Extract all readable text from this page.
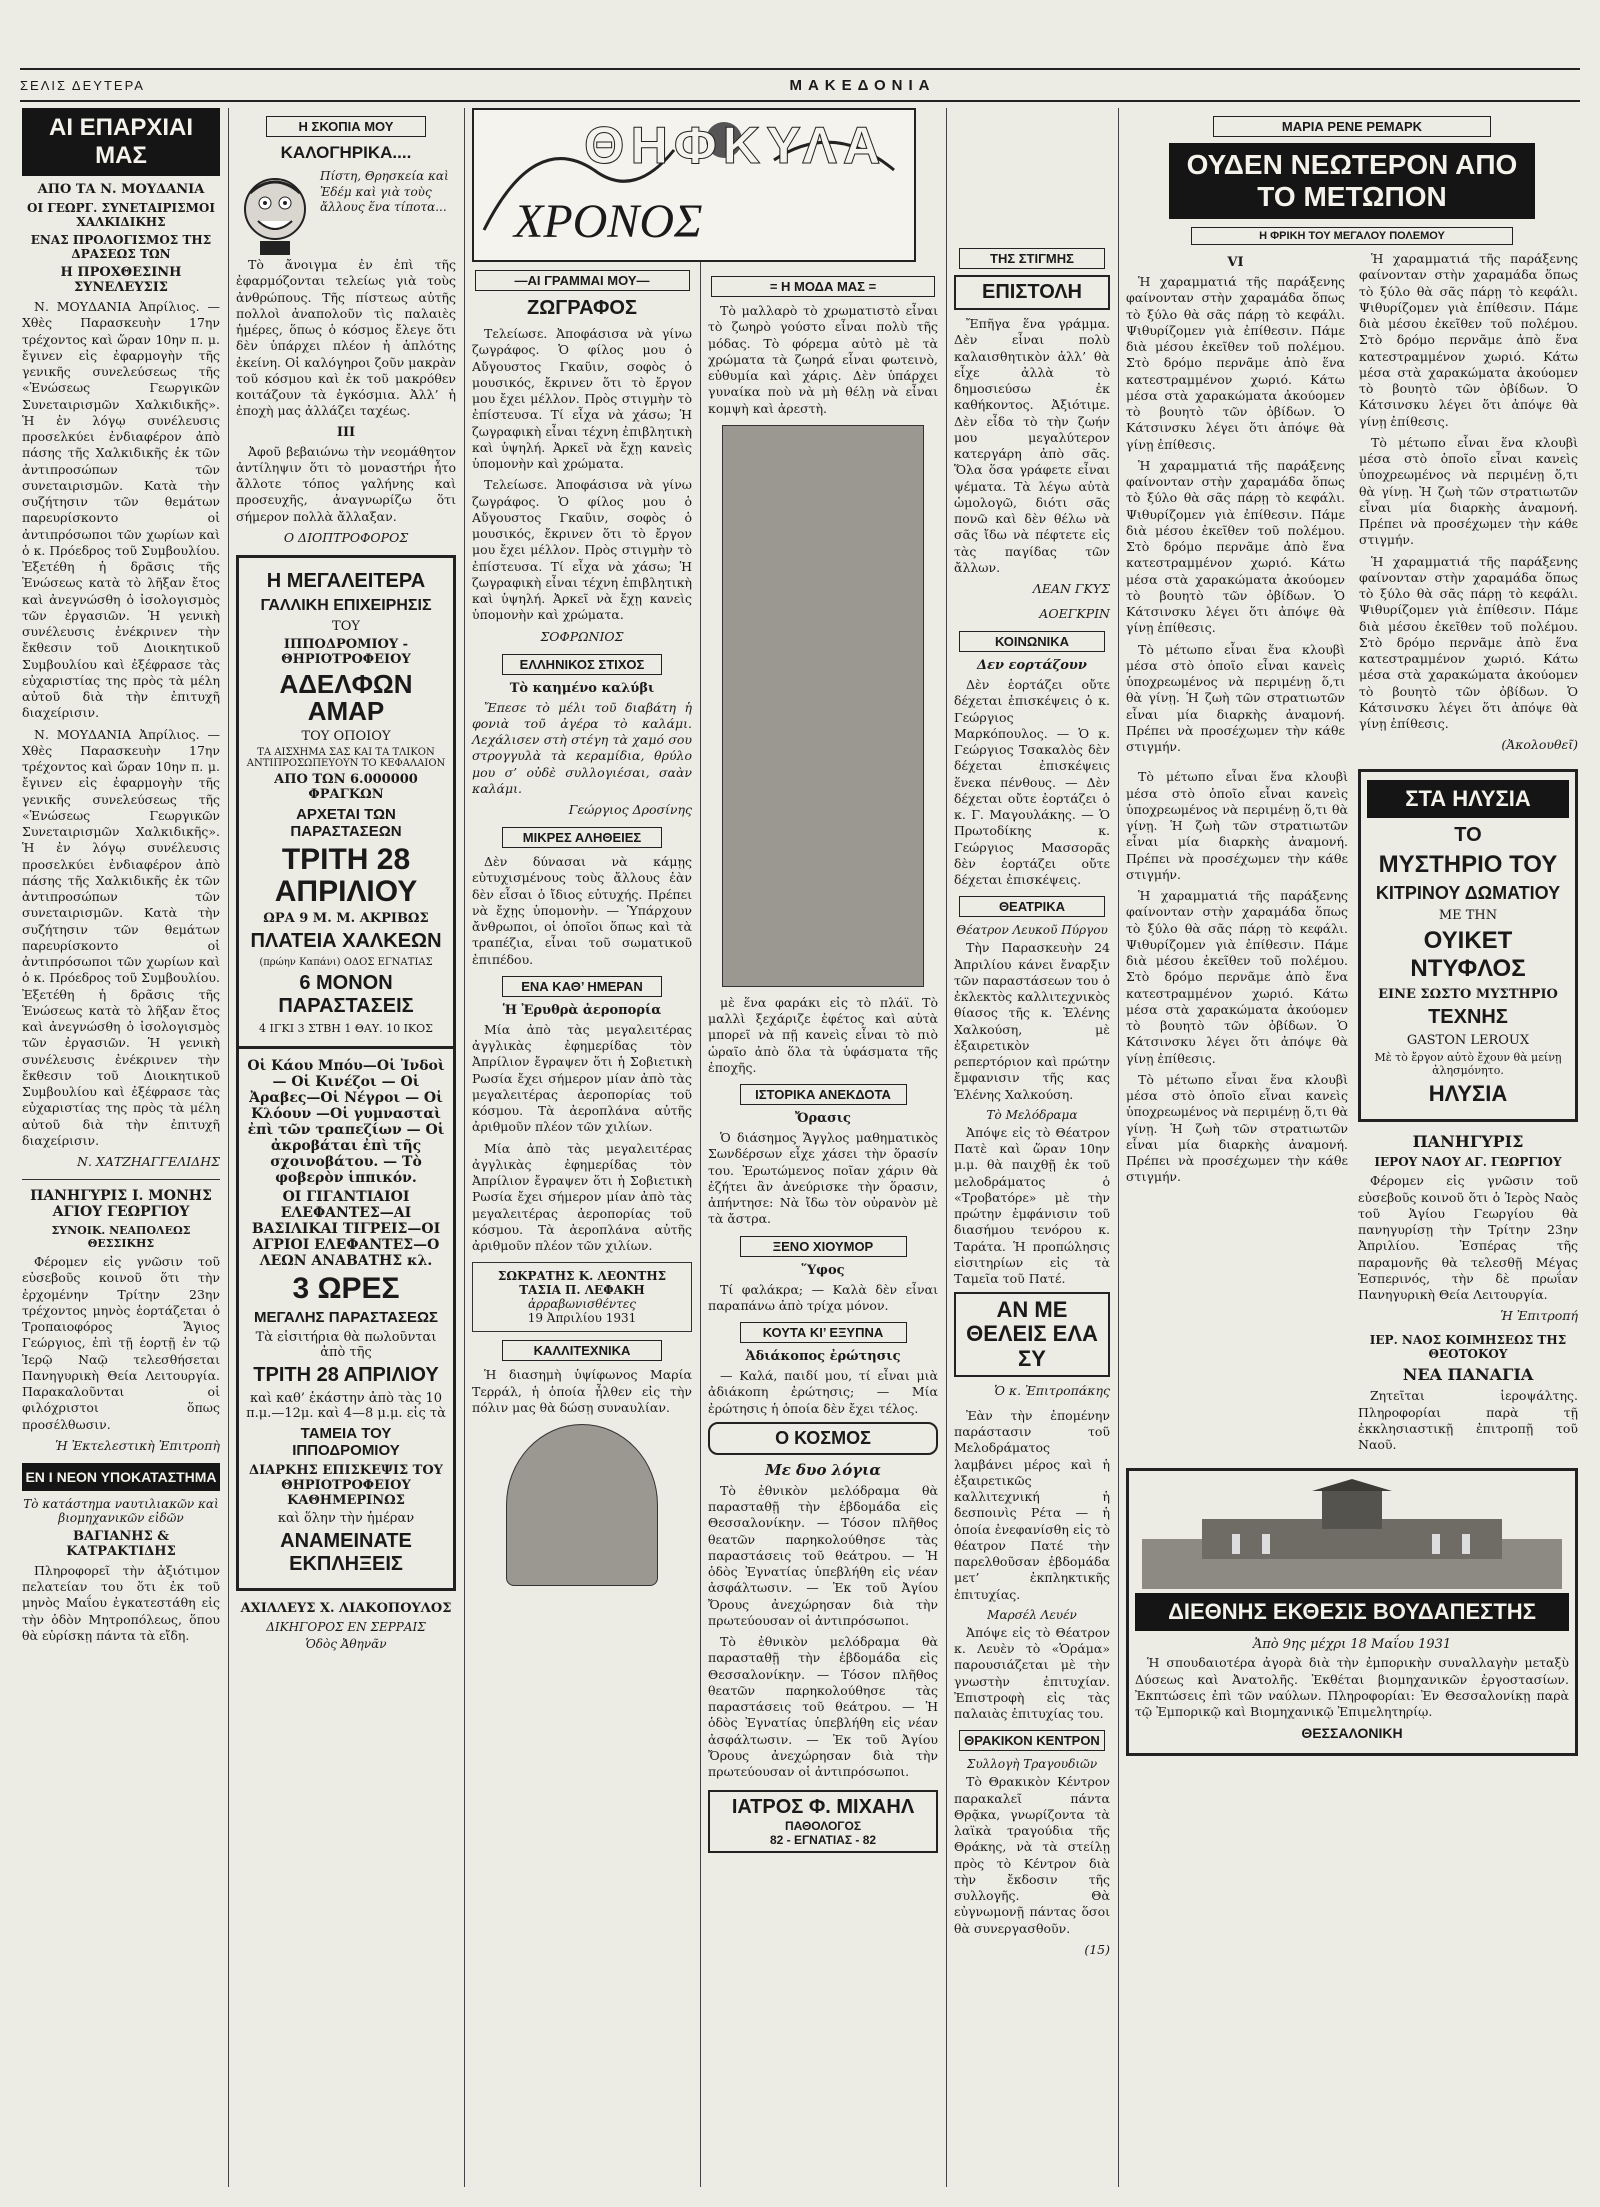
ΣΕΛΙΣ ΔΕΥΤΕΡΑ	ΜΑΚΕΔΟΝΙΑ
ΑΙ ΕΠΑΡΧΙΑΙ ΜΑΣ
ΑΠΟ ΤΑ Ν. ΜΟΥΔΑΝΙΑ
ΟΙ ΓΕΩΡΓ. ΣΥΝΕΤΑΙΡΙΣΜΟΙ ΧΑΛΚΙΔΙΚΗΣ
ΕΝΑΣ ΠΡΟΛΟΓΙΣΜΟΣ ΤΗΣ ΔΡΑΣΕΩΣ ΤΩΝ
Η ΠΡΟΧΘΕΣΙΝΗ ΣΥΝΕΛΕΥΣΙΣ

Ν. ΜΟΥΔΑΝΙΑ Ἀπρίλιος. — Χθὲς Παρασκευὴν 17ην τρέχοντος καὶ ὥραν 10ην π. μ. ἔγινεν εἰς ἐφαρμογὴν τῆς γενικῆς συνελεύσεως τῆς «Ἑνώσεως Γεωργικῶν Συνεταιρισμῶν Χαλκιδικῆς». Ἡ ἐν λόγῳ συνέλευσις προσελκύει ἐνδιαφέρον ἀπὸ πάσης τῆς Χαλκιδικῆς ἐκ τῶν ἀντιπροσώπων τῶν συνεταιρισμῶν. Κατὰ τὴν συζήτησιν τῶν θεμάτων παρευρίσκοντο οἱ ἀντιπρόσωποι τῶν χωρίων καὶ ὁ κ. Πρόεδρος τοῦ Συμβουλίου. Ἐξετέθη ἡ δρᾶσις τῆς Ἑνώσεως κατὰ τὸ λῆξαν ἔτος καὶ ἀνεγνώσθη ὁ ἰσολογισμὸς τῶν ἐργασιῶν. Ἡ γενικὴ συνέλευσις ἐνέκρινεν τὴν ἔκθεσιν τοῦ Διοικητικοῦ Συμβουλίου καὶ ἐξέφρασε τὰς εὐχαριστίας της πρὸς τὰ μέλη αὐτοῦ διὰ τὴν ἐπιτυχῆ διαχείρισιν.

Ν. ΜΟΥΔΑΝΙΑ Ἀπρίλιος. — Χθὲς Παρασκευὴν 17ην τρέχοντος καὶ ὥραν 10ην π. μ. ἔγινεν εἰς ἐφαρμογὴν τῆς γενικῆς συνελεύσεως τῆς «Ἑνώσεως Γεωργικῶν Συνεταιρισμῶν Χαλκιδικῆς». Ἡ ἐν λόγῳ συνέλευσις προσελκύει ἐνδιαφέρον ἀπὸ πάσης τῆς Χαλκιδικῆς ἐκ τῶν ἀντιπροσώπων τῶν συνεταιρισμῶν. Κατὰ τὴν συζήτησιν τῶν θεμάτων παρευρίσκοντο οἱ ἀντιπρόσωποι τῶν χωρίων καὶ ὁ κ. Πρόεδρος τοῦ Συμβουλίου. Ἐξετέθη ἡ δρᾶσις τῆς Ἑνώσεως κατὰ τὸ λῆξαν ἔτος καὶ ἀνεγνώσθη ὁ ἰσολογισμὸς τῶν ἐργασιῶν. Ἡ γενικὴ συνέλευσις ἐνέκρινεν τὴν ἔκθεσιν τοῦ Διοικητικοῦ Συμβουλίου καὶ ἐξέφρασε τὰς εὐχαριστίας της πρὸς τὰ μέλη αὐτοῦ διὰ τὴν ἐπιτυχῆ διαχείρισιν.

Ν. ΧΑΤΖΗΑΓΓΕΛΙΔΗΣ
ΠΑΝΗΓΥΡΙΣ Ι. ΜΟΝΗΣ ΑΓΙΟΥ ΓΕΩΡΓΙΟΥ
ΣΥΝΟΙΚ. ΝΕΑΠΟΛΕΩΣ ΘΕΣΣΙΚΗΣ

Φέρομεν εἰς γνῶσιν τοῦ εὐσεβοῦς κοινοῦ ὅτι τὴν ἐρχομένην Τρίτην 23ην τρέχοντος μηνὸς ἑορτάζεται ὁ Τροπαιοφόρος Ἅγιος Γεώργιος, ἐπὶ τῇ ἑορτῇ ἐν τῷ Ἱερῷ Ναῷ τελεσθήσεται Πανηγυρικὴ Θεία Λειτουργία. Παρακαλοῦνται οἱ φιλόχριστοι ὅπως προσέλθωσιν.

Ἡ Ἐκτελεστικὴ Ἐπιτροπὴ
ΕΝ Ι ΝΕΟΝ ΥΠΟΚΑΤΑΣΤΗΜΑ
Τὸ κατάστημα ναυτιλιακῶν καὶ βιομηχανικῶν εἰδῶν
ΒΑΓΙΑΝΗΣ & ΚΑΤΡΑΚΤΙΔΗΣ

Πληροφορεῖ τὴν ἀξιότιμον πελατείαν του ὅτι ἐκ τοῦ μηνὸς Μαΐου ἐγκατεστάθη εἰς τὴν ὁδὸν Μητροπόλεως, ὅπου θὰ εὑρίσκῃ πάντα τὰ εἴδη.

Η ΣΚΟΠΙΑ ΜΟΥ
ΚΑΛΟΓΗΡΙΚΑ....
Πίστη, Θρησκεία καὶ Ἐδέμ καὶ γιὰ τοὺς ἄλλους ἕνα τίποτα...

Τὸ ἄνοιγμα ἐν ἐπὶ τῆς ἐφαρμόζονται τελείως γιὰ τοὺς ἀνθρώπους. Τῆς πίστεως αὐτῆς πολλοὶ ἀναπολοῦν τὶς παλαιὲς ἡμέρες, ὅπως ὁ κόσμος ἔλεγε ὅτι δὲν ὑπάρχει πλέον ἡ ἁπλότης ἐκείνη. Οἱ καλόγηροι ζοῦν μακρὰν τοῦ κόσμου καὶ ἐκ τοῦ μακρόθεν κοιτάζουν τὰ ἐγκόσμια. Ἀλλ’ ἡ ἐποχὴ μας ἀλλάζει ταχέως.

III

Ἀφοῦ βεβαιώνω τὴν νεομάθητον ἀντίληψιν ὅτι τὸ μοναστήρι ἦτο ἄλλοτε τόπος γαλήνης καὶ προσευχῆς, ἀναγνωρίζω ὅτι σήμερον πολλὰ ἄλλαξαν.

Ο ΔΙΟΠΤΡΟΦΟΡΟΣ
Η ΜΕΓΑΛΕΙΤΕΡΑ
ΓΑΛΛΙΚΗ ΕΠΙΧΕΙΡΗΣΙΣ
ΤΟΥ
ΙΠΠΟΔΡΟΜΙΟΥ - ΘΗΡΙΟΤΡΟΦΕΙΟΥ
ΑΔΕΛΦΩΝ ΑΜΑΡ
ΤΟΥ ΟΠΟΙΟΥ
ΤΑ ΑΙΣΧΗΜΑ ΣΑΣ ΚΑΙ ΤΑ ΤΛΙΚΟΝ ΑΝΤΙΠΡΟΣΩΠΕΥΟΥΝ ΤΟ ΚΕΦΑΛΑΙΟΝ
ΑΠΟ ΤΩΝ 6.000000 ΦΡΑΓΚΩΝ
ΑΡΧΕΤΑΙ ΤΩΝ ΠΑΡΑΣΤΑΣΕΩΝ
ΤΡΙΤΗ 28 ΑΠΡΙΛΙΟΥ
ΩΡΑ 9 Μ. Μ. ΑΚΡΙΒΩΣ
ΠΛΑΤΕΙΑ ΧΑΛΚΕΩΝ
(πρώην Καπάνι) ΟΔΟΣ ΕΓΝΑΤΙΑΣ
6 ΜΟΝΟΝ ΠΑΡΑΣΤΑΣΕΙΣ
4 ΙΓΚΙ 3 ΣΤΒΗ 1 ΘΑΥ. 10 ΙΚΟΣ
Οἱ Κάου Μπόυ—Οἱ Ἰνδοὶ — Οἱ Κινέζοι — Οἱ Ἀραβες—Οἱ Νέγροι — Οἱ Κλόουν —Οἱ γυμνασταὶ ἐπὶ τῶν τραπεζίων — Οἱ ἀκροβάται ἐπὶ τῆς σχοινοβάτου. — Τὸ φοβερὸν ἱππικόν.
ΟΙ ΓΙΓΑΝΤΙΑΙΟΙ ΕΛΕΦΑΝΤΕΣ—ΑΙ ΒΑΣΙΛΙΚΑΙ ΤΙΓΡΕΙΣ—ΟΙ ΑΓΡΙΟΙ ΕΛΕΦΑΝΤΕΣ—Ο ΛΕΩΝ ΑΝΑΒΑΤΗΣ κλ.
3 ΩΡΕΣ
ΜΕΓΑΛΗΣ ΠΑΡΑΣΤΑΣΕΩΣ
Τὰ εἰσιτήρια θὰ πωλοῦνται ἀπὸ τῆς
ΤΡΙΤΗ 28 ΑΠΡΙΛΙΟΥ
καὶ καθ’ ἑκάστην ἀπὸ τὰς 10 π.μ.—12μ. καὶ 4—8 μ.μ. εἰς τὰ
ΤΑΜΕΙΑ ΤΟΥ ΙΠΠΟΔΡΟΜΙΟΥ
ΔΙΑΡΚΗΣ ΕΠΙΣΚΕΨΙΣ ΤΟΥ ΘΗΡΙΟΤΡΟΦΕΙΟΥ ΚΑΘΗΜΕΡΙΝΩΣ
καὶ ὅλην τὴν ἡμέραν
ΑΝΑΜΕΙΝΑΤΕ ΕΚΠΛΗΞΕΙΣ
ΑΧΙΛΛΕΥΣ Χ. ΛΙΑΚΟΠΟΥΛΟΣ
ΔΙΚΗΓΟΡΟΣ ΕΝ ΣΕΡΡΑΙΣ
Ὁδὸς Ἀθηνᾶν
ΘΗΦΚΥΛΑ
ΧΡΟΝΟΣ
—ΑΙ ΓΡΑΜΜΑΙ ΜΟΥ—
ΖΩΓΡΑΦΟΣ

Τελείωσε. Ἀποφάσισα νὰ γίνω ζωγράφος. Ὁ φίλος μου ὁ Αὔγουστος Γκαῦιν, σοφὸς ὁ μουσικός, ἔκρινεν ὅτι τὸ ἔργον μου ἔχει μέλλον. Πρὸς στιγμὴν τὸ ἐπίστευσα. Τί εἶχα νὰ χάσω; Ἡ ζωγραφικὴ εἶναι τέχνη ἐπιβλητικὴ καὶ ὑψηλή. Ἀρκεῖ νὰ ἔχῃ κανεὶς ὑπομονὴν καὶ χρώματα.

Τελείωσε. Ἀποφάσισα νὰ γίνω ζωγράφος. Ὁ φίλος μου ὁ Αὔγουστος Γκαῦιν, σοφὸς ὁ μουσικός, ἔκρινεν ὅτι τὸ ἔργον μου ἔχει μέλλον. Πρὸς στιγμὴν τὸ ἐπίστευσα. Τί εἶχα νὰ χάσω; Ἡ ζωγραφικὴ εἶναι τέχνη ἐπιβλητικὴ καὶ ὑψηλή. Ἀρκεῖ νὰ ἔχῃ κανεὶς ὑπομονὴν καὶ χρώματα.

ΣΟΦΡΩΝΙΟΣ
ΕΛΛΗΝΙΚΟΣ ΣΤΙΧΟΣ
Τὸ καημένο καλύβι

Ἔπεσε τὸ μέλι τοῦ διαβάτη ἡ φονιὰ τοῦ ἀγέρα τὸ καλάμι. Λεχάλισεν στὴ στέγη τὰ χαμό σου στρογγυλὰ τὰ κεραμίδια, θρύλο μου σ’ οὐδὲ συλλογιέσαι, σαὰν καλάμι.

Γεώργιος Δροσίνης
ΜΙΚΡΕΣ ΑΛΗΘΕΙΕΣ

Δὲν δύνασαι νὰ κάμῃς εὐτυχισμένους τοὺς ἄλλους ἐὰν δὲν εἶσαι ὁ ἴδιος εὐτυχής. Πρέπει νὰ ἔχῃς ὑπομονὴν. — Ὑπάρχουν ἄνθρωποι, οἱ ὁποῖοι ὅπως καὶ τὰ τραπέζια, εἶναι τοῦ σωματικοῦ ἐπιπέδου.

ΕΝΑ ΚΑΘ’ ΗΜΕΡΑΝ
Ἡ Ἐρυθρὰ ἀεροπορία

Μία ἀπὸ τὰς μεγαλειτέρας ἀγγλικὰς ἐφημερίδας τὸν Ἀπρίλιον ἔγραψεν ὅτι ἡ Σοβιετικὴ Ρωσία ἔχει σήμερον μίαν ἀπὸ τὰς μεγαλειτέρας ἀεροπορίας τοῦ κόσμου. Τὰ ἀεροπλάνα αὐτῆς ἀριθμοῦν πλέον τῶν χιλίων.

Μία ἀπὸ τὰς μεγαλειτέρας ἀγγλικὰς ἐφημερίδας τὸν Ἀπρίλιον ἔγραψεν ὅτι ἡ Σοβιετικὴ Ρωσία ἔχει σήμερον μίαν ἀπὸ τὰς μεγαλειτέρας ἀεροπορίας τοῦ κόσμου. Τὰ ἀεροπλάνα αὐτῆς ἀριθμοῦν πλέον τῶν χιλίων.

ΣΩΚΡΑΤΗΣ Κ. ΛΕΟΝΤΗΣ
ΤΑΣΙΑ Π. ΛΕΦΑΚΗ
ἀρραβωνισθέντες
19 Ἀπριλίου 1931
ΚΑΛΛΙΤΕΧΝΙΚΑ

Ἡ διασημὴ ὑψίφωνος Μαρία Τερράλ, ἡ ὁποία ἦλθεν εἰς τὴν πόλιν μας θὰ δώσῃ συναυλίαν.

= Η ΜΟΔΑ ΜΑΣ =

Τὸ μαλλαρὸ τὸ χρωματιστὸ εἶναι τὸ ζωηρὸ γούστο εἶναι πολὺ τῆς μόδας. Τὸ φόρεμα αὐτὸ μὲ τὰ χρώματα τὰ ζωηρά εἶναι φωτεινὸ, εὐθυμία καὶ χάρις. Δὲν ὑπάρχει γυναίκα ποὺ νὰ μὴ θέλῃ νὰ εἶναι κομψὴ καὶ ἀρεστὴ.

μὲ ἕνα φαράκι εἰς τὸ πλάϊ. Τὸ μαλλὶ ξεχάριζε ἐφέτος καὶ αὐτὰ μπορεῖ νὰ πῇ κανεὶς εἶναι τὸ πιὸ ὡραῖο ἀπὸ ὅλα τὰ ὑφάσματα τῆς ἐποχῆς.

ΙΣΤΟΡΙΚΑ ΑΝΕΚΔΟΤΑ
Ὄρασις

Ὁ διάσημος Ἄγγλος μαθηματικὸς Σωνδέρσων εἶχε χάσει τὴν ὅρασίν του. Ἐρωτώμενος ποῖαν χάριν θὰ ἐζήτει ἂν ἀνεύρισκε τὴν ὅρασιν, ἀπήντησε: Νὰ ἴδω τὸν οὐρανὸν μὲ τὰ ἄστρα.

ΞΕΝΟ ΧΙΟΥΜΟΡ
Ὕφος

Τί φαλάκρα; — Καλὰ δὲν εἶναι παραπάνω ἀπὸ τρίχα μόνον.

ΚΟΥΤΑ ΚΙ’ ΕΞΥΠΝΑ
Ἀδιάκοπος ἐρώτησις

— Καλά, παιδί μου, τί εἶναι μιὰ ἀδιάκοπη ἐρώτησις; — Μία ἐρώτησις ἡ ὁποία δὲν ἔχει τέλος.

Ο ΚΟΣΜΟΣ
Με δυο λόγια

Τὸ ἐθνικὸν μελόδραμα θὰ παρασταθῇ τὴν ἑβδομάδα εἰς Θεσσαλονίκην. — Τόσον πλῆθος θεατῶν παρηκολούθησε τὰς παραστάσεις τοῦ θεάτρου. — Ἡ ὁδὸς Ἐγνατίας ὑπεβλήθη εἰς νέαν ἀσφάλτωσιν. — Ἐκ τοῦ Ἀγίου Ὄρους ἀνεχώρησαν διὰ τὴν πρωτεύουσαν οἱ ἀντιπρόσωποι.

Τὸ ἐθνικὸν μελόδραμα θὰ παρασταθῇ τὴν ἑβδομάδα εἰς Θεσσαλονίκην. — Τόσον πλῆθος θεατῶν παρηκολούθησε τὰς παραστάσεις τοῦ θεάτρου. — Ἡ ὁδὸς Ἐγνατίας ὑπεβλήθη εἰς νέαν ἀσφάλτωσιν. — Ἐκ τοῦ Ἀγίου Ὄρους ἀνεχώρησαν διὰ τὴν πρωτεύουσαν οἱ ἀντιπρόσωποι.

ΙΑΤΡΟΣ Φ. ΜΙΧΑΗΛ
ΠΑΘΟΛΟΓΟΣ
82 - ΕΓΝΑΤΙΑΣ - 82
ΤΗΣ ΣΤΙΓΜΗΣ
ΕΠΙΣΤΟΛΗ

Ἔπῆγα ἕνα γράμμα. Δὲν εἶναι πολὺ καλαισθητικὸν ἀλλ’ θὰ εἶχε ἀλλὰ τὸ δημοσιεύσω ἐκ καθήκοντος. Ἀξιότιμε. Δὲν εἶδα τὸ τὴν ζωήν μου μεγαλύτερον κατεργάρη ἀπὸ σᾶς. Ὅλα ὅσα γράφετε εἶναι ψέματα. Τὰ λέγω αὐτὰ ὡμολογῶ, διότι σᾶς πονῶ καὶ δὲν θέλω νὰ σᾶς ἴδω νὰ πέφτετε εἰς τὰς παγίδας τῶν ἄλλων.

ΛΕΑΝ ΓΚΥΣ
ΑΟΕΓΚΡΙΝ
ΚΟΙΝΩΝΙΚΑ
Δεν εορτάζουν

Δὲν ἑορτάζει οὔτε δέχεται ἐπισκέψεις ὁ κ. Γεώργιος Μαρκόπουλος. — Ὁ κ. Γεώργιος Τσακαλὸς δὲν δέχεται ἐπισκέψεις ἕνεκα πένθους. — Δὲν δέχεται οὔτε ἑορτάζει ὁ κ. Γ. Μαγουλάκης. — Ὁ Πρωτοδίκης κ. Γεώργιος Μασσορᾶς δὲν ἑορτάζει οὔτε δέχεται ἐπισκέψεις.

ΘΕΑΤΡΙΚΑ
Θέατρον Λευκοῦ Πύργου

Τὴν Παρασκευὴν 24 Ἀπριλίου κάνει ἔναρξιν τῶν παραστάσεων του ὁ ἐκλεκτὸς καλλιτεχνικὸς θίασος τῆς κ. Ἑλένης Χαλκούση, μὲ ἐξαιρετικὸν ρεπερτόριον καὶ πρώτην ἔμφανισιν τῆς κας Ἑλένης Χαλκούση.

Τὸ Μελόδραμα

Ἀπόψε εἰς τὸ Θέατρον Πατὲ καὶ ὥραν 10ην μ.μ. θὰ παιχθῇ ἐκ τοῦ μελοδράματος ὁ «Τροβατόρε» μὲ τὴν πρώτην ἐμφάνισιν τοῦ διασήμου τενόρου κ. Ταράτα. Ἡ προπώλησις εἰσιτηρίων εἰς τὰ Ταμεῖα τοῦ Πατέ.

ΑΝ ΜΕ ΘΕΛΕΙΣ ΕΛΑ ΣΥ
Ὁ κ. Ἐπιτροπάκης

Ἐὰν τὴν ἐπομένην παράστασιν τοῦ Μελοδράματος λαμβάνει μέρος καὶ ἡ ἐξαιρετικῶς καλλιτεχνική ἡ δεσποινὶς Ρέτα — ἡ ὁποία ἐνεφανίσθη εἰς τὸ θέατρον Πατέ τὴν παρελθοῦσαν ἑβδομάδα μετ’ ἐκπληκτικῆς ἐπιτυχίας.

Μαρσέλ Λευέν

Ἀπόψε εἰς τὸ Θέατρον κ. Λευὲν τὸ «Ὁράμα» παρουσιάζεται μὲ τὴν γνωστὴν ἐπιτυχίαν. Ἐπιστροφὴ εἰς τὰς παλαιὰς ἐπιτυχίας του.

ΘΡΑΚΙΚΟΝ ΚΕΝΤΡΟΝ
Συλλογὴ Τραγουδιῶν

Τὸ Θρακικὸν Κέντρον παρακαλεῖ πάντα Θρᾷκα, γνωρίζοντα τὰ λαϊκὰ τραγούδια τῆς Θράκης, νὰ τὰ στείλῃ πρὸς τὸ Κέντρον διὰ τὴν ἔκδοσιν τῆς συλλογῆς. Θὰ εὐγνωμονῇ πάντας ὅσοι θὰ συνεργασθοῦν.

(15)
ΜΑΡΙΑ ΡΕΝΕ ΡΕΜΑΡΚ
ΟΥΔΕΝ ΝΕΩΤΕΡΟΝ ΑΠΟ ΤΟ ΜΕΤΩΠΟΝ
Η ΦΡΙΚΗ ΤΟΥ ΜΕΓΑΛΟΥ ΠΟΛΕΜΟΥ
VI

Ἡ χαραμματιά τῆς παράξενης φαίνονταν στὴν χαραμάδα ὅπως τὸ ξύλο θὰ σᾶς πάρῃ τὸ κεφάλι. Ψιθυρίζομεν γιὰ ἐπίθεσιν. Πάμε διὰ μέσου ἐκεῖθεν τοῦ πολέμου. Στὸ δρόμο περνᾶμε ἀπὸ ἕνα κατεστραμμένον χωριό. Κάτω μέσα στὰ χαρακώματα ἀκούομεν τὸ βουητὸ τῶν ὀβίδων. Ὁ Κάτσινσκυ λέγει ὅτι ἀπόψε θὰ γίνῃ ἐπίθεσις.

Ἡ χαραμματιά τῆς παράξενης φαίνονταν στὴν χαραμάδα ὅπως τὸ ξύλο θὰ σᾶς πάρῃ τὸ κεφάλι. Ψιθυρίζομεν γιὰ ἐπίθεσιν. Πάμε διὰ μέσου ἐκεῖθεν τοῦ πολέμου. Στὸ δρόμο περνᾶμε ἀπὸ ἕνα κατεστραμμένον χωριό. Κάτω μέσα στὰ χαρακώματα ἀκούομεν τὸ βουητὸ τῶν ὀβίδων. Ὁ Κάτσινσκυ λέγει ὅτι ἀπόψε θὰ γίνῃ ἐπίθεσις.

Τὸ μέτωπο εἶναι ἕνα κλουβὶ μέσα στὸ ὁποῖο εἶναι κανεὶς ὑποχρεωμένος νὰ περιμένῃ ὅ,τι θὰ γίνῃ. Ἡ ζωὴ τῶν στρατιωτῶν εἶναι μία διαρκὴς ἀναμονή. Πρέπει νὰ προσέχωμεν τὴν κάθε στιγμήν.

Ἡ χαραμματιά τῆς παράξενης φαίνονταν στὴν χαραμάδα ὅπως τὸ ξύλο θὰ σᾶς πάρῃ τὸ κεφάλι. Ψιθυρίζομεν γιὰ ἐπίθεσιν. Πάμε διὰ μέσου ἐκεῖθεν τοῦ πολέμου. Στὸ δρόμο περνᾶμε ἀπὸ ἕνα κατεστραμμένον χωριό. Κάτω μέσα στὰ χαρακώματα ἀκούομεν τὸ βουητὸ τῶν ὀβίδων. Ὁ Κάτσινσκυ λέγει ὅτι ἀπόψε θὰ γίνῃ ἐπίθεσις.

Τὸ μέτωπο εἶναι ἕνα κλουβὶ μέσα στὸ ὁποῖο εἶναι κανεὶς ὑποχρεωμένος νὰ περιμένῃ ὅ,τι θὰ γίνῃ. Ἡ ζωὴ τῶν στρατιωτῶν εἶναι μία διαρκὴς ἀναμονή. Πρέπει νὰ προσέχωμεν τὴν κάθε στιγμήν.

Ἡ χαραμματιά τῆς παράξενης φαίνονταν στὴν χαραμάδα ὅπως τὸ ξύλο θὰ σᾶς πάρῃ τὸ κεφάλι. Ψιθυρίζομεν γιὰ ἐπίθεσιν. Πάμε διὰ μέσου ἐκεῖθεν τοῦ πολέμου. Στὸ δρόμο περνᾶμε ἀπὸ ἕνα κατεστραμμένον χωριό. Κάτω μέσα στὰ χαρακώματα ἀκούομεν τὸ βουητὸ τῶν ὀβίδων. Ὁ Κάτσινσκυ λέγει ὅτι ἀπόψε θὰ γίνῃ ἐπίθεσις.

(Ἀκολουθεῖ)

Τὸ μέτωπο εἶναι ἕνα κλουβὶ μέσα στὸ ὁποῖο εἶναι κανεὶς ὑποχρεωμένος νὰ περιμένῃ ὅ,τι θὰ γίνῃ. Ἡ ζωὴ τῶν στρατιωτῶν εἶναι μία διαρκὴς ἀναμονή. Πρέπει νὰ προσέχωμεν τὴν κάθε στιγμήν.

Ἡ χαραμματιά τῆς παράξενης φαίνονταν στὴν χαραμάδα ὅπως τὸ ξύλο θὰ σᾶς πάρῃ τὸ κεφάλι. Ψιθυρίζομεν γιὰ ἐπίθεσιν. Πάμε διὰ μέσου ἐκεῖθεν τοῦ πολέμου. Στὸ δρόμο περνᾶμε ἀπὸ ἕνα κατεστραμμένον χωριό. Κάτω μέσα στὰ χαρακώματα ἀκούομεν τὸ βουητὸ τῶν ὀβίδων. Ὁ Κάτσινσκυ λέγει ὅτι ἀπόψε θὰ γίνῃ ἐπίθεσις.

Τὸ μέτωπο εἶναι ἕνα κλουβὶ μέσα στὸ ὁποῖο εἶναι κανεὶς ὑποχρεωμένος νὰ περιμένῃ ὅ,τι θὰ γίνῃ. Ἡ ζωὴ τῶν στρατιωτῶν εἶναι μία διαρκὴς ἀναμονή. Πρέπει νὰ προσέχωμεν τὴν κάθε στιγμήν.

ΣΤΑ ΗΛΥΣΙΑ
ΤΟ
ΜΥΣΤΗΡΙΟ ΤΟΥ
ΚΙΤΡΙΝΟΥ ΔΩΜΑΤΙΟΥ
ΜΕ ΤΗΝ
ΟΥΙΚΕΤ ΝΤΥΦΛΟΣ
ΕΙΝΕ ΣΩΣΤΟ ΜΥΣΤΗΡΙΟ
ΤΕΧΝΗΣ
GASTON LEROUX
Μὲ τὸ ἔργον αὐτὸ ἔχουν θὰ μείνῃ ἀλησμόνητο.
ΗΛΥΣΙΑ
ΠΑΝΗΓΥΡΙΣ
ΙΕΡΟΥ ΝΑΟΥ ΑΓ. ΓΕΩΡΓΙΟΥ

Φέρομεν εἰς γνῶσιν τοῦ εὐσεβοῦς κοινοῦ ὅτι ὁ Ἱερὸς Ναὸς τοῦ Ἁγίου Γεωργίου θὰ πανηγυρίσῃ τὴν Τρίτην 23ην Ἀπριλίου. Ἐσπέρας τῆς παραμονῆς θὰ τελεσθῇ Μέγας Ἑσπερινός, τὴν δὲ πρωΐαν Πανηγυρικὴ Θεία Λειτουργία.

Ἡ Ἐπιτροπή
ΙΕΡ. ΝΑΟΣ ΚΟΙΜΗΣΕΩΣ ΤΗΣ ΘΕΟΤΟΚΟΥ
ΝΕΑ ΠΑΝΑΓΙΑ

Ζητεῖται ἱεροψάλτης. Πληροφορίαι παρὰ τῇ ἐκκλησιαστικῇ ἐπιτροπῇ τοῦ Ναοῦ.

ΔΙΕΘΝΗΣ ΕΚΘΕΣΙΣ ΒΟΥΔΑΠΕΣΤΗΣ
Ἀπὸ 9ης μέχρι 18 Μαΐου 1931

Ἡ σπουδαιοτέρα ἀγορὰ διὰ τὴν ἐμπορικὴν συναλλαγὴν μεταξὺ Δύσεως καὶ Ἀνατολῆς. Ἐκθέται βιομηχανικῶν ἐργοστασίων. Ἐκπτώσεις ἐπὶ τῶν ναύλων. Πληροφορίαι: Ἐν Θεσσαλονίκῃ παρὰ τῷ Ἐμπορικῷ καὶ Βιομηχανικῷ Ἐπιμελητηρίῳ.

ΘΕΣΣΑΛΟΝΙΚΗ
